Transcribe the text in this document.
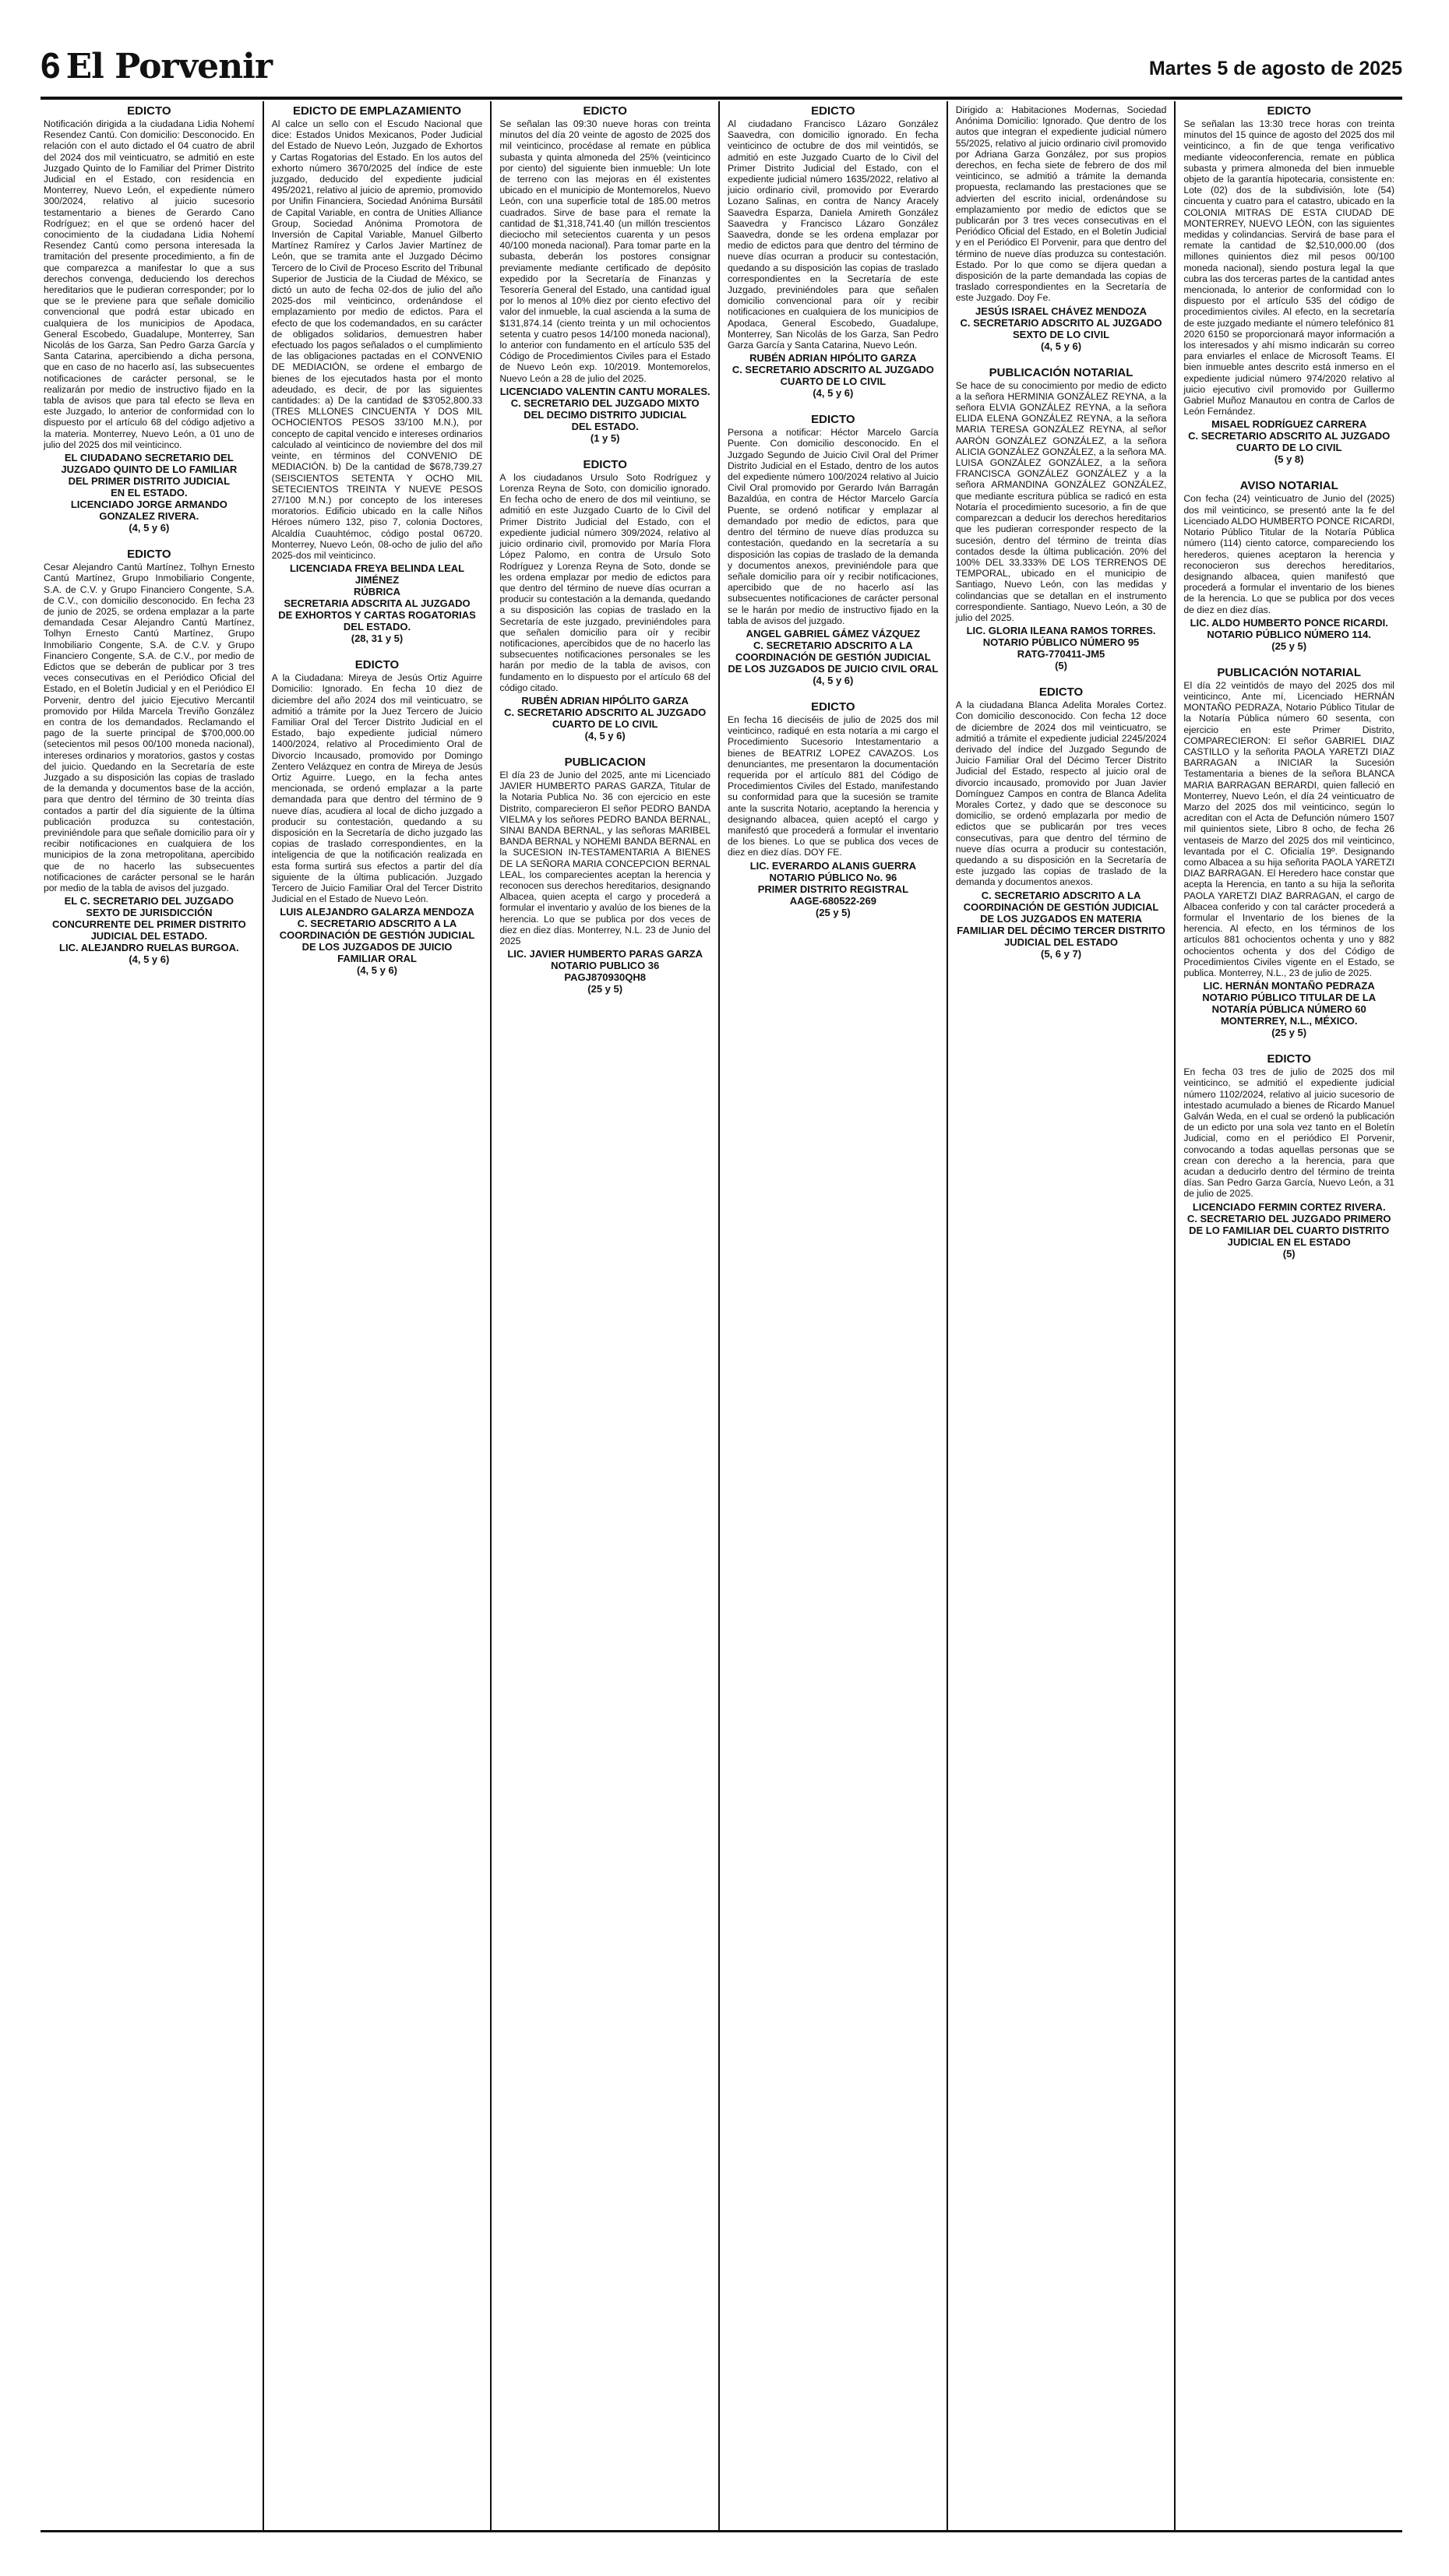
6 El Porvenir	Martes 5 de agosto de 2025
EDICTO

Notificación dirigida a la ciudadana Lidia Nohemí Resendez Cantú. Con domicilio: Desconocido. En relación con el auto dictado el 04 cuatro de abril del 2024 dos mil veinticuatro, se admitió en este Juzgado Quinto de lo Familiar del Primer Distrito Judicial en el Estado, con residencia en Monterrey, Nuevo León, el expediente número 300/2024, relativo al juicio sucesorio testamentario a bienes de Gerardo Cano Rodríguez; en el que se ordenó hacer del conocimiento de la ciudadana Lidia Nohemí Resendez Cantú como persona interesada la tramitación del presente procedimiento, a fin de que comparezca a manifestar lo que a sus derechos convenga, deduciendo los derechos hereditarios que le pudieran corresponder; por lo que se le previene para que señale domicilio convencional que podrá estar ubicado en cualquiera de los municipios de Apodaca, General Escobedo, Guadalupe, Monterrey, San Nicolás de los Garza, San Pedro Garza García y Santa Catarina, apercibiendo a dicha persona, que en caso de no hacerlo así, las subsecuentes notificaciones de carácter personal, se le realizarán por medio de instructivo fijado en la tabla de avisos que para tal efecto se lleva en este Juzgado, lo anterior de conformidad con lo dispuesto por el artículo 68 del código adjetivo a la materia. Monterrey, Nuevo León, a 01 uno de julio del 2025 dos mil veinticinco.

EL CIUDADANO SECRETARIO DEL
JUZGADO QUINTO DE LO FAMILIAR
DEL PRIMER DISTRITO JUDICIAL
EN EL ESTADO.
LICENCIADO JORGE ARMANDO
GONZALEZ RIVERA.
(4, 5 y 6)
EDICTO

Cesar Alejandro Cantú Martínez, Tolhyn Ernesto Cantú Martínez, Grupo Inmobiliario Congente, S.A. de C.V. y Grupo Financiero Congente, S.A. de C.V., con domicilio desconocido. En fecha 23 de junio de 2025, se ordena emplazar a la parte demandada Cesar Alejandro Cantú Martínez, Tolhyn Ernesto Cantú Martínez, Grupo Inmobiliario Congente, S.A. de C.V. y Grupo Financiero Congente, S.A. de C.V., por medio de Edictos que se deberán de publicar por 3 tres veces consecutivas en el Periódico Oficial del Estado, en el Boletín Judicial y en el Periódico El Porvenir, dentro del juicio Ejecutivo Mercantil promovido por Hilda Marcela Treviño González en contra de los demandados. Reclamando el pago de la suerte principal de $700,000.00 (setecientos mil pesos 00/100 moneda nacional), intereses ordinarios y moratorios, gastos y costas del juicio. Quedando en la Secretaría de este Juzgado a su disposición las copias de traslado de la demanda y documentos base de la acción, para que dentro del término de 30 treinta días contados a partir del día siguiente de la última publicación produzca su contestación, previniéndole para que señale domicilio para oír y recibir notificaciones en cualquiera de los municipios de la zona metropolitana, apercibido que de no hacerlo las subsecuentes notificaciones de carácter personal se le harán por medio de la tabla de avisos del juzgado.

EL C. SECRETARIO DEL JUZGADO
SEXTO DE JURISDICCIÓN
CONCURRENTE DEL PRIMER DISTRITO
JUDICIAL DEL ESTADO.
LIC. ALEJANDRO RUELAS BURGOA.
(4, 5 y 6)
EDICTO DE EMPLAZAMIENTO

Al calce un sello con el Escudo Nacional que dice: Estados Unidos Mexicanos, Poder Judicial del Estado de Nuevo León, Juzgado de Exhortos y Cartas Rogatorias del Estado. En los autos del exhorto número 3670/2025 del índice de este juzgado, deducido del expediente judicial 495/2021, relativo al juicio de apremio, promovido por Unifin Financiera, Sociedad Anónima Bursátil de Capital Variable, en contra de Unities Alliance Group, Sociedad Anónima Promotora de Inversión de Capital Variable, Manuel Gilberto Martínez Ramírez y Carlos Javier Martínez de León, que se tramita ante el Juzgado Décimo Tercero de lo Civil de Proceso Escrito del Tribunal Superior de Justicia de la Ciudad de México, se dictó un auto de fecha 02-dos de julio del año 2025-dos mil veinticinco, ordenándose el emplazamiento por medio de edictos. Para el efecto de que los codemandados, en su carácter de obligados solidarios, demuestren haber efectuado los pagos señalados o el cumplimiento de las obligaciones pactadas en el CONVENIO DE MEDIACIÓN, se ordene el embargo de bienes de los ejecutados hasta por el monto adeudado, es decir, de por las siguientes cantidades: a) De la cantidad de $3'052,800.33 (TRES MLLONES CINCUENTA Y DOS MIL OCHOCIENTOS PESOS 33/100 M.N.), por concepto de capital vencido e intereses ordinarios calculado al veinticinco de noviembre del dos mil veinte, en términos del CONVENIO DE MEDIACIÓN. b) De la cantidad de $678,739.27 (SEISCIENTOS SETENTA Y OCHO MIL SETECIENTOS TREINTA Y NUEVE PESOS 27/100 M.N.) por concepto de los intereses moratorios. Edificio ubicado en la calle Niños Héroes número 132, piso 7, colonia Doctores, Alcaldía Cuauhtémoc, código postal 06720. Monterrey, Nuevo León, 08-ocho de julio del año 2025-dos mil veinticinco.

LICENCIADA FREYA BELINDA LEAL JIMÉNEZ
RÚBRICA
SECRETARIA ADSCRITA AL JUZGADO
DE EXHORTOS Y CARTAS ROGATORIAS
DEL ESTADO.
(28, 31 y 5)
EDICTO

A la Ciudadana: Mireya de Jesús Ortiz Aguirre Domicilio: Ignorado. En fecha 10 diez de diciembre del año 2024 dos mil veinticuatro, se admitió a trámite por la Juez Tercero de Juicio Familiar Oral del Tercer Distrito Judicial en el Estado, bajo expediente judicial número 1400/2024, relativo al Procedimiento Oral de Divorcio Incausado, promovido por Domingo Zentero Velázquez en contra de Mireya de Jesús Ortiz Aguirre. Luego, en la fecha antes mencionada, se ordenó emplazar a la parte demandada para que dentro del término de 9 nueve días, acudiera al local de dicho juzgado a producir su contestación, quedando a su disposición en la Secretaría de dicho juzgado las copias de traslado correspondientes, en la inteligencia de que la notificación realizada en esta forma surtirá sus efectos a partir del día siguiente de la última publicación. Juzgado Tercero de Juicio Familiar Oral del Tercer Distrito Judicial en el Estado de Nuevo León.

LUIS ALEJANDRO GALARZA MENDOZA
C. SECRETARIO ADSCRITO A LA
COORDINACIÓN DE GESTIÓN JUDICIAL
DE LOS JUZGADOS DE JUICIO
FAMILIAR ORAL
(4, 5 y 6)
EDICTO

Se señalan las 09:30 nueve horas con treinta minutos del día 20 veinte de agosto de 2025 dos mil veinticinco, procédase al remate en pública subasta y quinta almoneda del 25% (veinticinco por ciento) del siguiente bien inmueble: Un lote de terreno con las mejoras en él existentes ubicado en el municipio de Montemorelos, Nuevo León, con una superficie total de 185.00 metros cuadrados. Sirve de base para el remate la cantidad de $1,318,741.40 (un millón trescientos dieciocho mil setecientos cuarenta y un pesos 40/100 moneda nacional). Para tomar parte en la subasta, deberán los postores consignar previamente mediante certificado de depósito expedido por la Secretaría de Finanzas y Tesorería General del Estado, una cantidad igual por lo menos al 10% diez por ciento efectivo del valor del inmueble, la cual ascienda a la suma de $131,874.14 (ciento treinta y un mil ochocientos setenta y cuatro pesos 14/100 moneda nacional), lo anterior con fundamento en el artículo 535 del Código de Procedimientos Civiles para el Estado de Nuevo León exp. 10/2019. Montemorelos, Nuevo León a 28 de julio del 2025.

LICENCIADO VALENTIN CANTU MORALES.
C. SECRETARIO DEL JUZGADO MIXTO
DEL DECIMO DISTRITO JUDICIAL
DEL ESTADO.
(1 y 5)
EDICTO

A los ciudadanos Ursulo Soto Rodríguez y Lorenza Reyna de Soto, con domicilio ignorado. En fecha ocho de enero de dos mil veintiuno, se admitió en este Juzgado Cuarto de lo Civil del Primer Distrito Judicial del Estado, con el expediente judicial número 309/2024, relativo al juicio ordinario civil, promovido por María Flora López Palomo, en contra de Ursulo Soto Rodríguez y Lorenza Reyna de Soto, donde se les ordena emplazar por medio de edictos para que dentro del término de nueve días ocurran a producir su contestación a la demanda, quedando a su disposición las copias de traslado en la Secretaría de este juzgado, previniéndoles para que señalen domicilio para oír y recibir notificaciones, apercibidos que de no hacerlo las subsecuentes notificaciones personales se les harán por medio de la tabla de avisos, con fundamento en lo dispuesto por el artículo 68 del código citado.

RUBÉN ADRIAN HIPÓLITO GARZA
C. SECRETARIO ADSCRITO AL JUZGADO
CUARTO DE LO CIVIL
(4, 5 y 6)
PUBLICACION

El día 23 de Junio del 2025, ante mi Licenciado JAVIER HUMBERTO PARAS GARZA, Titular de la Notaria Publica No. 36 con ejercicio en este Distrito, comparecieron El señor PEDRO BANDA VIELMA y los señores PEDRO BANDA BERNAL, SINAI BANDA BERNAL, y las señoras MARIBEL BANDA BERNAL y NOHEMI BANDA BERNAL en la SUCESION IN-TESTAMENTARIA A BIENES DE LA SEÑORA MARIA CONCEPCION BERNAL LEAL, los comparecientes aceptan la herencia y reconocen sus derechos hereditarios, designando Albacea, quien acepta el cargo y procederá a formular el inventario y avalúo de los bienes de la herencia. Lo que se publica por dos veces de diez en diez días. Monterrey, N.L. 23 de Junio del 2025

LIC. JAVIER HUMBERTO PARAS GARZA
NOTARIO PUBLICO 36
PAGJ870930QH8
(25 y 5)
EDICTO

Al ciudadano Francisco Lázaro González Saavedra, con domicilio ignorado. En fecha veinticinco de octubre de dos mil veintidós, se admitió en este Juzgado Cuarto de lo Civil del Primer Distrito Judicial del Estado, con el expediente judicial número 1635/2022, relativo al juicio ordinario civil, promovido por Everardo Lozano Salinas, en contra de Nancy Aracely Saavedra Esparza, Daniela Amireth González Saavedra y Francisco Lázaro González Saavedra, donde se les ordena emplazar por medio de edictos para que dentro del término de nueve días ocurran a producir su contestación, quedando a su disposición las copias de traslado correspondientes en la Secretaría de este Juzgado, previniéndoles para que señalen domicilio convencional para oír y recibir notificaciones en cualquiera de los municipios de Apodaca, General Escobedo, Guadalupe, Monterrey, San Nicolás de los Garza, San Pedro Garza García y Santa Catarina, Nuevo León.

RUBÉN ADRIAN HIPÓLITO GARZA
C. SECRETARIO ADSCRITO AL JUZGADO
CUARTO DE LO CIVIL
(4, 5 y 6)
EDICTO

Persona a notificar: Héctor Marcelo García Puente. Con domicilio desconocido. En el Juzgado Segundo de Juicio Civil Oral del Primer Distrito Judicial en el Estado, dentro de los autos del expediente número 100/2024 relativo al Juicio Civil Oral promovido por Gerardo Iván Barragán Bazaldúa, en contra de Héctor Marcelo García Puente, se ordenó notificar y emplazar al demandado por medio de edictos, para que dentro del término de nueve días produzca su contestación, quedando en la secretaría a su disposición las copias de traslado de la demanda y documentos anexos, previniéndole para que señale domicilio para oír y recibir notificaciones, apercibido que de no hacerlo así las subsecuentes notificaciones de carácter personal se le harán por medio de instructivo fijado en la tabla de avisos del juzgado.

ANGEL GABRIEL GÁMEZ VÁZQUEZ
C. SECRETARIO ADSCRITO A LA
COORDINACIÓN DE GESTIÓN JUDICIAL
DE LOS JUZGADOS DE JUICIO CIVIL ORAL
(4, 5 y 6)
EDICTO

En fecha 16 dieciséis de julio de 2025 dos mil veinticinco, radiqué en esta notaría a mi cargo el Procedimiento Sucesorio Intestamentario a bienes de BEATRIZ LOPEZ CAVAZOS. Los denunciantes, me presentaron la documentación requerida por el artículo 881 del Código de Procedimientos Civiles del Estado, manifestando su conformidad para que la sucesión se tramite ante la suscrita Notario, aceptando la herencia y designando albacea, quien aceptó el cargo y manifestó que procederá a formular el inventario de los bienes. Lo que se publica dos veces de diez en diez días. DOY FE.

LIC. EVERARDO ALANIS GUERRA
NOTARIO PÚBLICO No. 96
PRIMER DISTRITO REGISTRAL
AAGE-680522-269
(25 y 5)

Dirigido a: Habitaciones Modernas, Sociedad Anónima Domicilio: Ignorado. Que dentro de los autos que integran el expediente judicial número 55/2025, relativo al juicio ordinario civil promovido por Adriana Garza González, por sus propios derechos, en fecha siete de febrero de dos mil veinticinco, se admitió a trámite la demanda propuesta, reclamando las prestaciones que se advierten del escrito inicial, ordenándose su emplazamiento por medio de edictos que se publicarán por 3 tres veces consecutivas en el Periódico Oficial del Estado, en el Boletín Judicial y en el Periódico El Porvenir, para que dentro del término de nueve días produzca su contestación. Estado. Por lo que como se dijera quedan a disposición de la parte demandada las copias de traslado correspondientes en la Secretaría de este Juzgado. Doy Fe.

JESÚS ISRAEL CHÁVEZ MENDOZA
C. SECRETARIO ADSCRITO AL JUZGADO
SEXTO DE LO CIVIL
(4, 5 y 6)
PUBLICACIÓN NOTARIAL

Se hace de su conocimiento por medio de edicto a la señora HERMINIA GONZÁLEZ REYNA, a la señora ELVIA GONZÁLEZ REYNA, a la señora ELIDA ELENA GONZÁLEZ REYNA, a la señora MARIA TERESA GONZÁLEZ REYNA, al señor AARÓN GONZÁLEZ GONZÁLEZ, a la señora ALICIA GONZÁLEZ GONZÁLEZ, a la señora MA. LUISA GONZÁLEZ GONZÁLEZ, a la señora FRANCISCA GONZÁLEZ GONZÁLEZ y a la señora ARMANDINA GONZÁLEZ GONZÁLEZ, que mediante escritura pública se radicó en esta Notaría el procedimiento sucesorio, a fin de que comparezcan a deducir los derechos hereditarios que les pudieran corresponder respecto de la sucesión, dentro del término de treinta días contados desde la última publicación. 20% del 100% DEL 33.333% DE LOS TERRENOS DE TEMPORAL, ubicado en el municipio de Santiago, Nuevo León, con las medidas y colindancias que se detallan en el instrumento correspondiente. Santiago, Nuevo León, a 30 de julio del 2025.

LIC. GLORIA ILEANA RAMOS TORRES.
NOTARIO PÚBLICO NÚMERO 95
RATG-770411-JM5
(5)
EDICTO

A la ciudadana Blanca Adelita Morales Cortez. Con domicilio desconocido. Con fecha 12 doce de diciembre de 2024 dos mil veinticuatro, se admitió a trámite el expediente judicial 2245/2024 derivado del índice del Juzgado Segundo de Juicio Familiar Oral del Décimo Tercer Distrito Judicial del Estado, respecto al juicio oral de divorcio incausado, promovido por Juan Javier Domínguez Campos en contra de Blanca Adelita Morales Cortez, y dado que se desconoce su domicilio, se ordenó emplazarla por medio de edictos que se publicarán por tres veces consecutivas, para que dentro del término de nueve días ocurra a producir su contestación, quedando a su disposición en la Secretaría de este juzgado las copias de traslado de la demanda y documentos anexos.

C. SECRETARIO ADSCRITO A LA
COORDINACIÓN DE GESTIÓN JUDICIAL
DE LOS JUZGADOS EN MATERIA
FAMILIAR DEL DÉCIMO TERCER DISTRITO
JUDICIAL DEL ESTADO
(5, 6 y 7)
EDICTO

Se señalan las 13:30 trece horas con treinta minutos del 15 quince de agosto del 2025 dos mil veinticinco, a fin de que tenga verificativo mediante videoconferencia, remate en pública subasta y primera almoneda del bien inmueble objeto de la garantía hipotecaria, consistente en: Lote (02) dos de la subdivisión, lote (54) cincuenta y cuatro para el catastro, ubicado en la COLONIA MITRAS DE ESTA CIUDAD DE MONTERREY, NUEVO LEÓN, con las siguientes medidas y colindancias. Servirá de base para el remate la cantidad de $2,510,000.00 (dos millones quinientos diez mil pesos 00/100 moneda nacional), siendo postura legal la que cubra las dos terceras partes de la cantidad antes mencionada, lo anterior de conformidad con lo dispuesto por el artículo 535 del código de procedimientos civiles. Al efecto, en la secretaría de este juzgado mediante el número telefónico 81 2020 6150 se proporcionará mayor información a los interesados y ahí mismo indicarán su correo para enviarles el enlace de Microsoft Teams. El bien inmueble antes descrito está inmerso en el expediente judicial número 974/2020 relativo al juicio ejecutivo civil promovido por Guillermo Gabriel Muñoz Manautou en contra de Carlos de León Fernández.

MISAEL RODRÍGUEZ CARRERA
C. SECRETARIO ADSCRITO AL JUZGADO
CUARTO DE LO CIVIL
(5 y 8)
AVISO NOTARIAL

Con fecha (24) veinticuatro de Junio del (2025) dos mil veinticinco, se presentó ante la fe del Licenciado ALDO HUMBERTO PONCE RICARDI, Notario Público Titular de la Notaría Pública número (114) ciento catorce, compareciendo los herederos, quienes aceptaron la herencia y reconocieron sus derechos hereditarios, designando albacea, quien manifestó que procederá a formular el inventario de los bienes de la herencia. Lo que se publica por dos veces de diez en diez días.

LIC. ALDO HUMBERTO PONCE RICARDI.
NOTARIO PÚBLICO NÚMERO 114.
(25 y 5)
PUBLICACIÓN NOTARIAL

El día 22 veintidós de mayo del 2025 dos mil veinticinco, Ante mí, Licenciado HERNÁN MONTAÑO PEDRAZA, Notario Público Titular de la Notaría Pública número 60 sesenta, con ejercicio en este Primer Distrito, COMPARECIERON: El señor GABRIEL DIAZ CASTILLO y la señorita PAOLA YARETZI DIAZ BARRAGAN a INICIAR la Sucesión Testamentaria a bienes de la señora BLANCA MARIA BARRAGAN BERARDI, quien falleció en Monterrey, Nuevo León, el día 24 veinticuatro de Marzo del 2025 dos mil veinticinco, según lo acreditan con el Acta de Defunción número 1507 mil quinientos siete, Libro 8 ocho, de fecha 26 ventaseis de Marzo del 2025 dos mil veinticinco, levantada por el C. Oficialía 19º. Designando como Albacea a su hija señorita PAOLA YARETZI DIAZ BARRAGAN. El Heredero hace constar que acepta la Herencia, en tanto a su hija la señorita PAOLA YARETZI DIAZ BARRAGAN, el cargo de Albacea conferido y con tal carácter procederá a formular el Inventario de los bienes de la herencia. Al efecto, en los términos de los artículos 881 ochocientos ochenta y uno y 882 ochocientos ochenta y dos del Código de Procedimientos Civiles vigente en el Estado, se publica. Monterrey, N.L., 23 de julio de 2025.

LIC. HERNÁN MONTAÑO PEDRAZA
NOTARIO PÚBLICO TITULAR DE LA
NOTARÍA PÚBLICA NÚMERO 60
MONTERREY, N.L., MÉXICO.
(25 y 5)
EDICTO

En fecha 03 tres de julio de 2025 dos mil veinticinco, se admitió el expediente judicial número 1102/2024, relativo al juicio sucesorio de intestado acumulado a bienes de Ricardo Manuel Galván Weda, en el cual se ordenó la publicación de un edicto por una sola vez tanto en el Boletín Judicial, como en el periódico El Porvenir, convocando a todas aquellas personas que se crean con derecho a la herencia, para que acudan a deducirlo dentro del término de treinta días. San Pedro Garza García, Nuevo León, a 31 de julio de 2025.

LICENCIADO FERMIN CORTEZ RIVERA.
C. SECRETARIO DEL JUZGADO PRIMERO
DE LO FAMILIAR DEL CUARTO DISTRITO
JUDICIAL EN EL ESTADO
(5)
